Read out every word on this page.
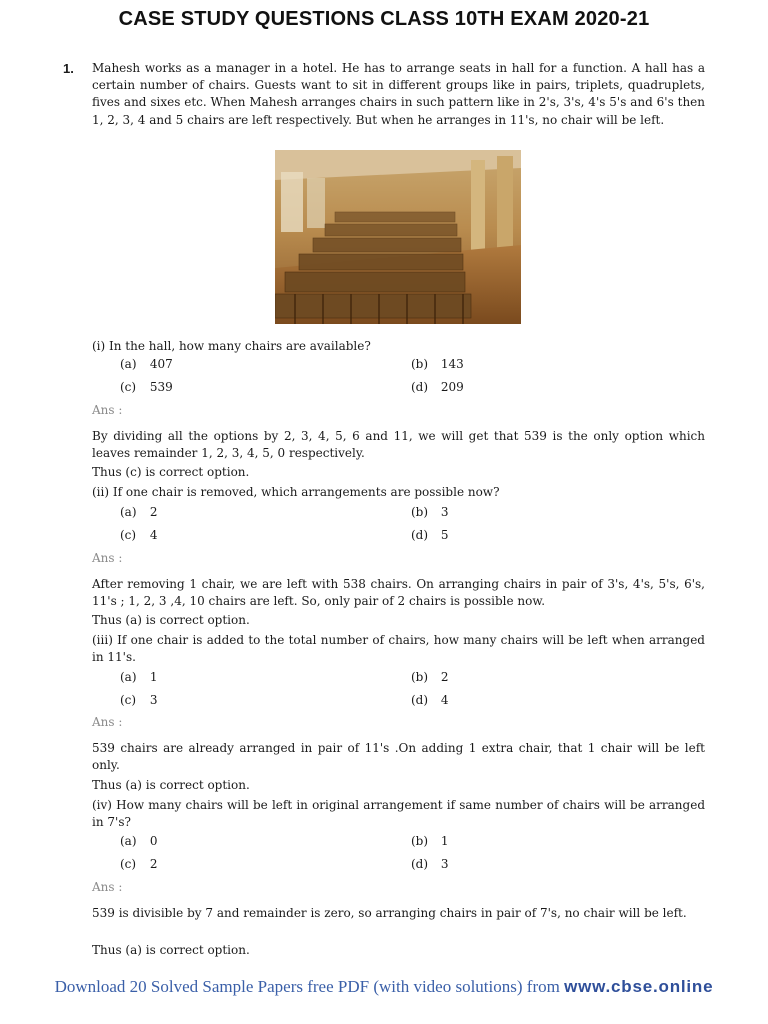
CASE STUDY QUESTIONS CLASS 10TH EXAM 2020-21
1. Mahesh works as a manager in a hotel. He has to arrange seats in hall for a function. A hall has a certain number of chairs. Guests want to sit in different groups like in pairs, triplets, quadruplets, fives and sixes etc. When Mahesh arranges chairs in such pattern like in 2's, 3's, 4's 5's and 6's then 1, 2, 3, 4 and 5 chairs are left respectively. But when he arranges in 11's, no chair will be left.
(i) In the hall, how many chairs are available?
(a) 407	(b) 143
(c) 539	(d) 209
Ans :
By dividing all the options by 2, 3, 4, 5, 6 and 11, we will get that 539 is the only option which leaves remainder 1, 2, 3, 4, 5, 0 respectively.
Thus (c) is correct option.
(ii) If one chair is removed, which arrangements are possible now?
(a) 2	(b) 3
(c) 4	(d) 5
Ans :
After removing 1 chair, we are left with 538 chairs. On arranging chairs in pair of 3's, 4's, 5's, 6's, 11's ; 1, 2, 3 ,4, 10 chairs are left. So, only pair of 2 chairs is possible now.
Thus (a) is correct option.
(iii) If one chair is added to the total number of chairs, how many chairs will be left when arranged in 11's.
(a) 1	(b) 2
(c) 3	(d) 4
Ans :
539 chairs are already arranged in pair of 11's .On adding 1 extra chair, that 1 chair will be left only.
Thus (a) is correct option.
(iv) How many chairs will be left in original arrangement if same number of chairs will be arranged in 7's?
(a) 0	(b) 1
(c) 2	(d) 3
Ans :
539 is divisible by 7 and remainder is zero, so arranging chairs in pair of 7's, no chair will be left.
Thus (a) is correct option.
Download 20 Solved Sample Papers free PDF (with video solutions) from www.cbse.online
